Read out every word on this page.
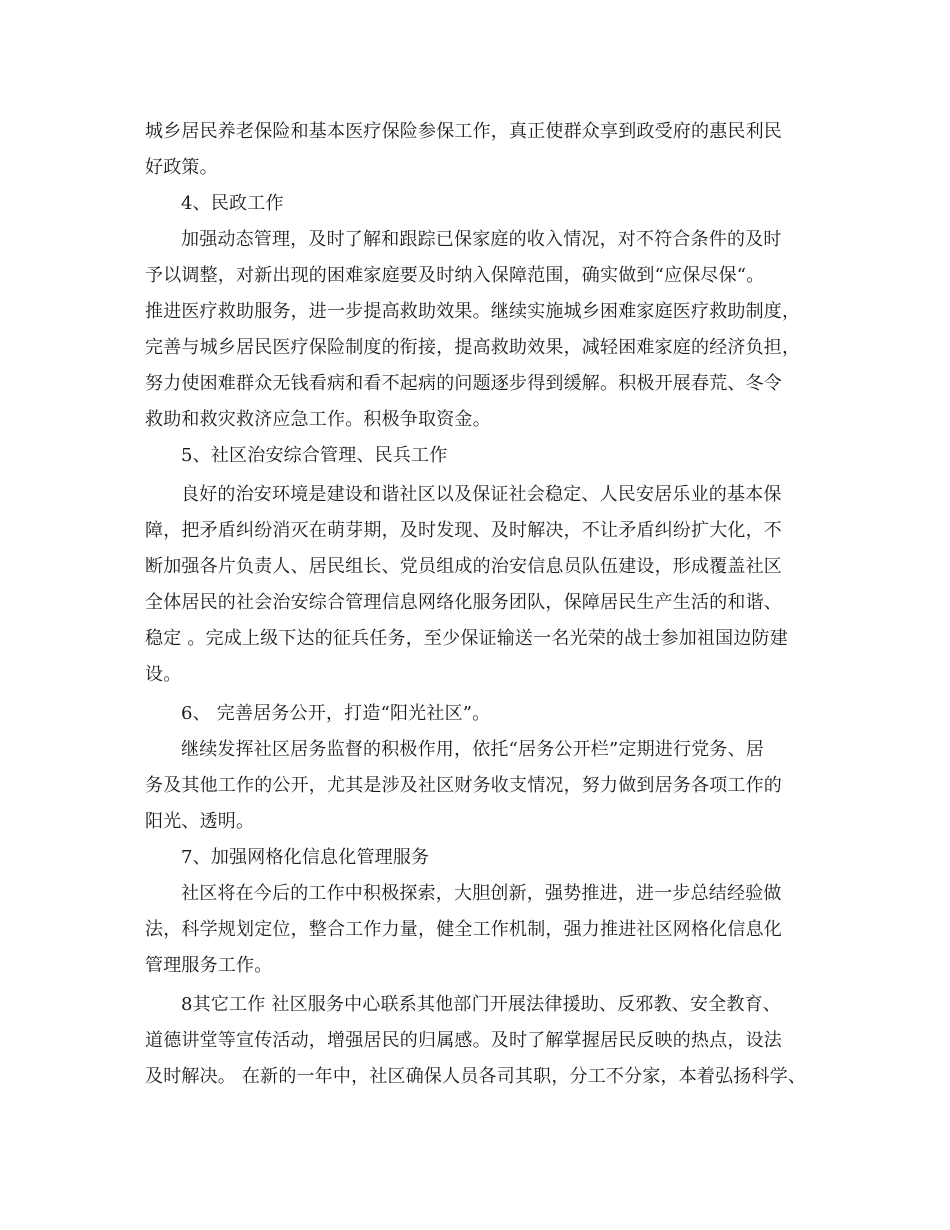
城乡居民养老保险和基本医疗保险参保工作，真正使群众享到政受府的惠民利民

好政策。

4、民政工作

加强动态管理，及时了解和跟踪已保家庭的收入情况，对不符合条件的及时

予以调整，对新出现的困难家庭要及时纳入保障范围，确实做到“应保尽保“。

推进医疗救助服务，进一步提高救助效果。继续实施城乡困难家庭医疗救助制度，

完善与城乡居民医疗保险制度的衔接，提高救助效果，减轻困难家庭的经济负担，

努力使困难群众无钱看病和看不起病的问题逐步得到缓解。积极开展春荒、冬令

救助和救灾救济应急工作。积极争取资金。

5、社区治安综合管理、民兵工作

良好的治安环境是建设和谐社区以及保证社会稳定、人民安居乐业的基本保

障，把矛盾纠纷消灭在萌芽期，及时发现、及时解决，不让矛盾纠纷扩大化，不

断加强各片负责人、居民组长、党员组成的治安信息员队伍建设，形成覆盖社区

全体居民的社会治安综合管理信息网络化服务团队，保障居民生产生活的和谐、

稳定 。完成上级下达的征兵任务，至少保证输送一名光荣的战士参加祖国边防建

设。

6、 完善居务公开，打造“阳光社区”。

继续发挥社区居务监督的积极作用，依托“居务公开栏”定期进行党务、居

务及其他工作的公开，尤其是涉及社区财务收支情况，努力做到居务各项工作的

阳光、透明。

7、加强网格化信息化管理服务

社区将在今后的工作中积极探索，大胆创新，强势推进，进一步总结经验做

法，科学规划定位，整合工作力量，健全工作机制，强力推进社区网格化信息化

管理服务工作。

8其它工作 社区服务中心联系其他部门开展法律援助、反邪教、安全教育、

道德讲堂等宣传活动，增强居民的归属感。及时了解掌握居民反映的热点，设法

及时解决。 在新的一年中，社区确保人员各司其职，分工不分家，本着弘扬科学、
